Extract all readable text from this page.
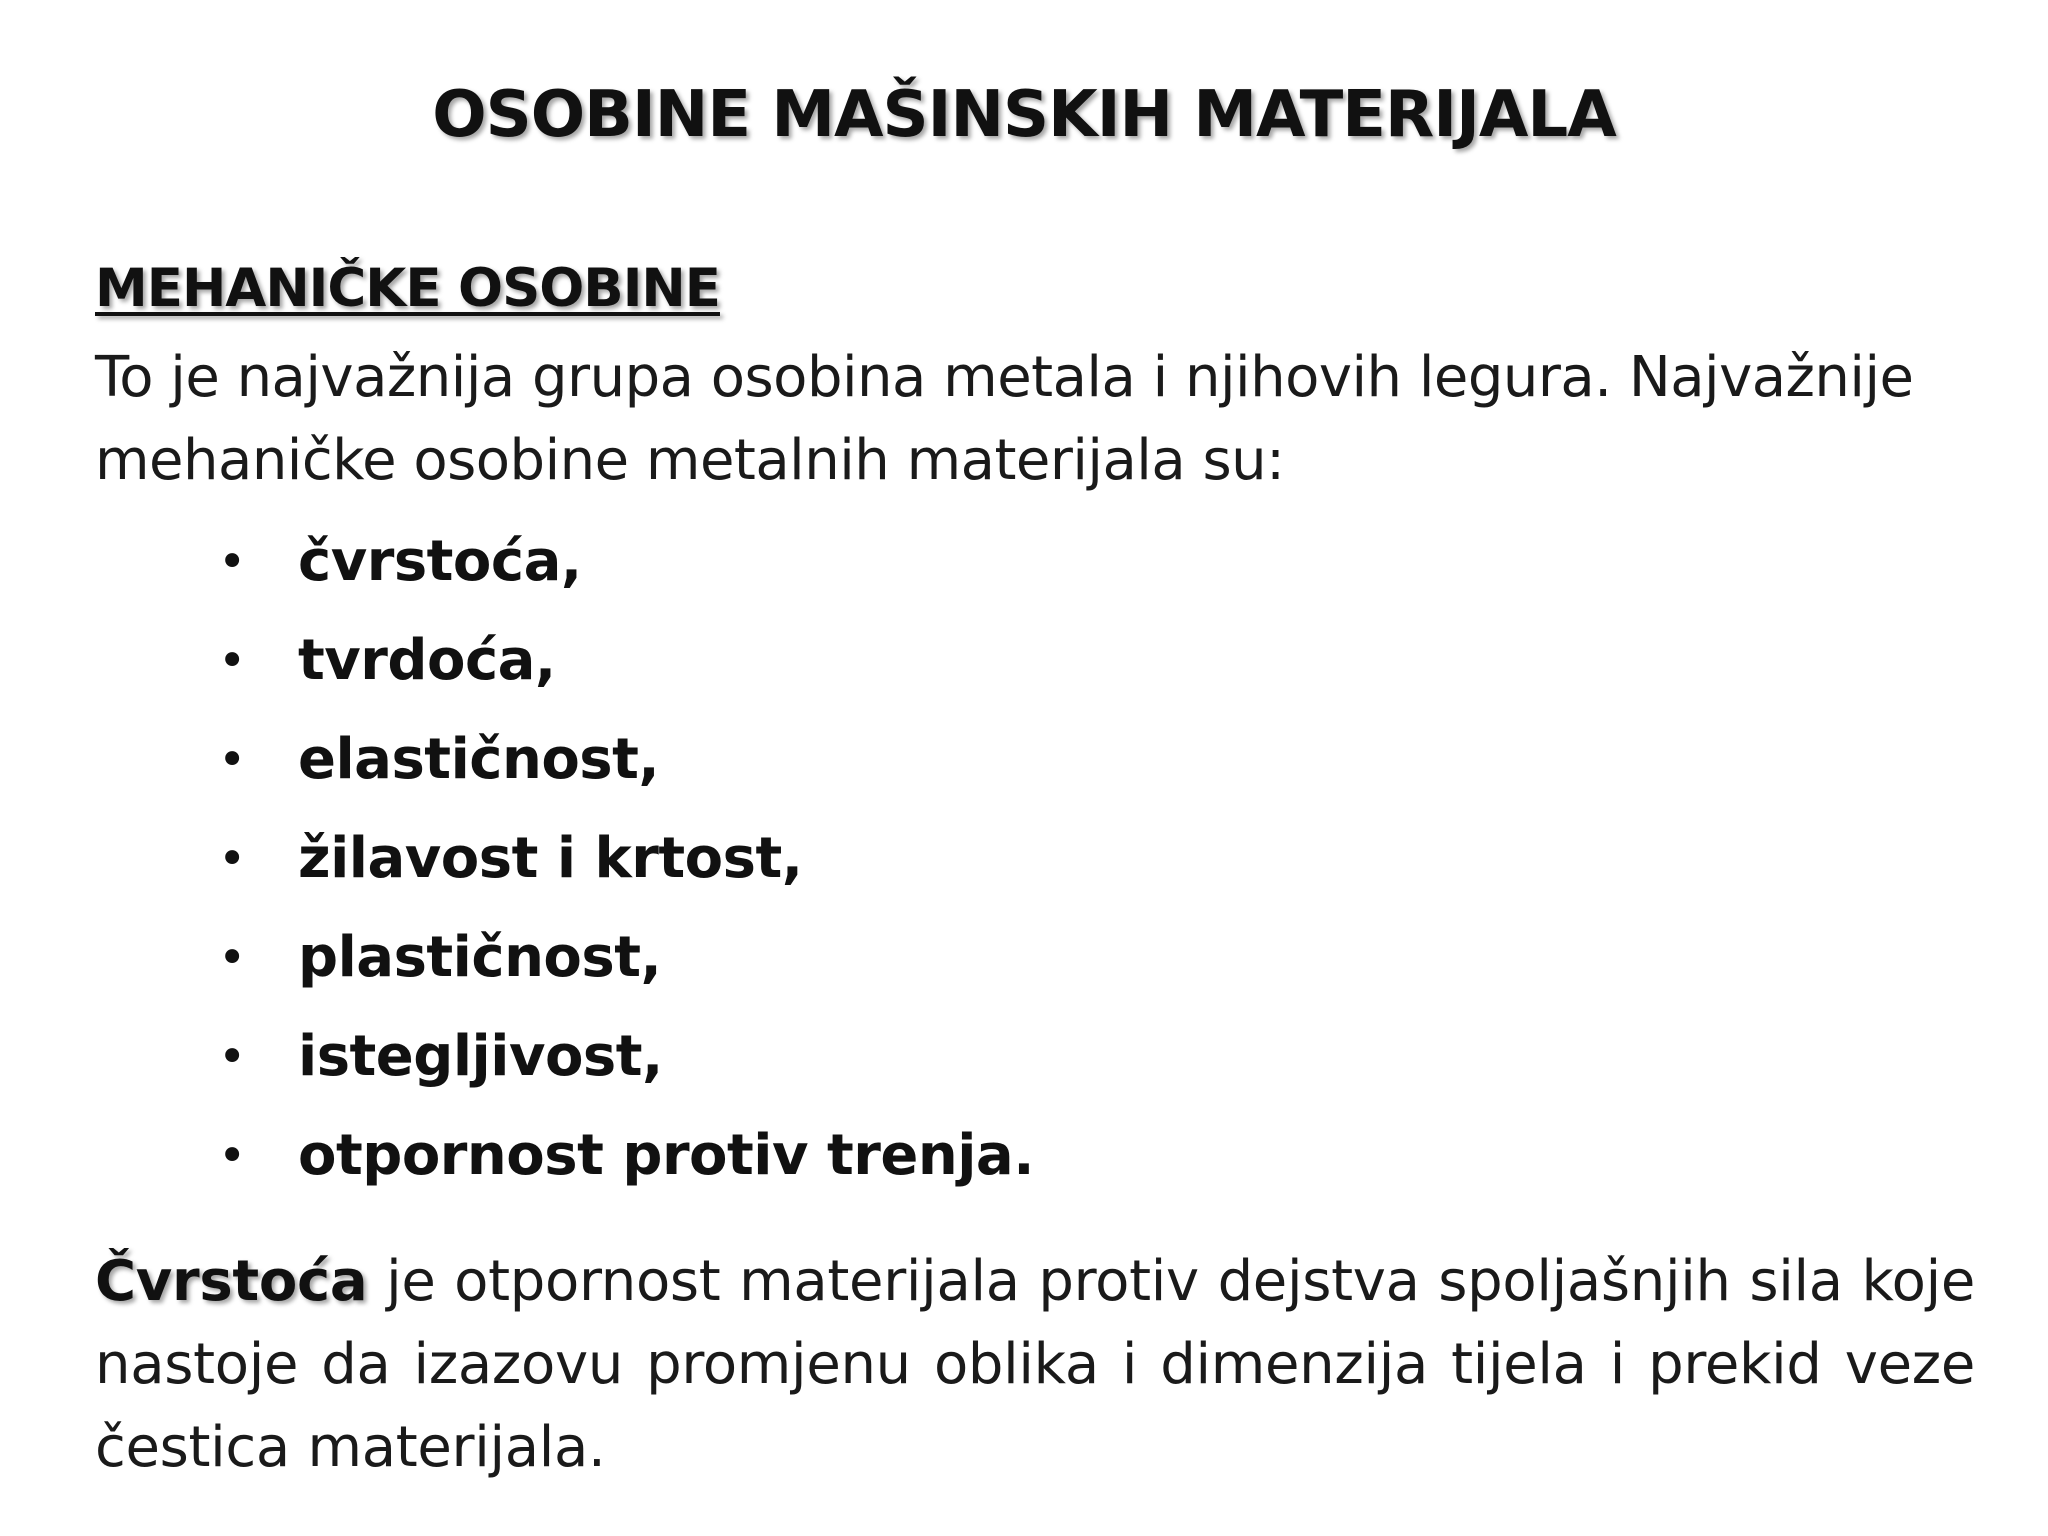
OSOBINE MAŠINSKIH MATERIJALA
MEHANIČKE OSOBINE
To je najvažnija grupa osobina metala i njihovih legura. Najvažnije mehaničke osobine metalnih materijala su:
• čvrstoća,
• tvrdoća,
• elastičnost,
• žilavost i krtost,
• plastičnost,
• istegljivost,
• otpornost protiv trenja.
Čvrstoća je otpornost materijala protiv dejstva spoljašnjih sila koje nastoje da izazovu promjenu oblika i dimenzija tijela i prekid veze čestica materijala.
